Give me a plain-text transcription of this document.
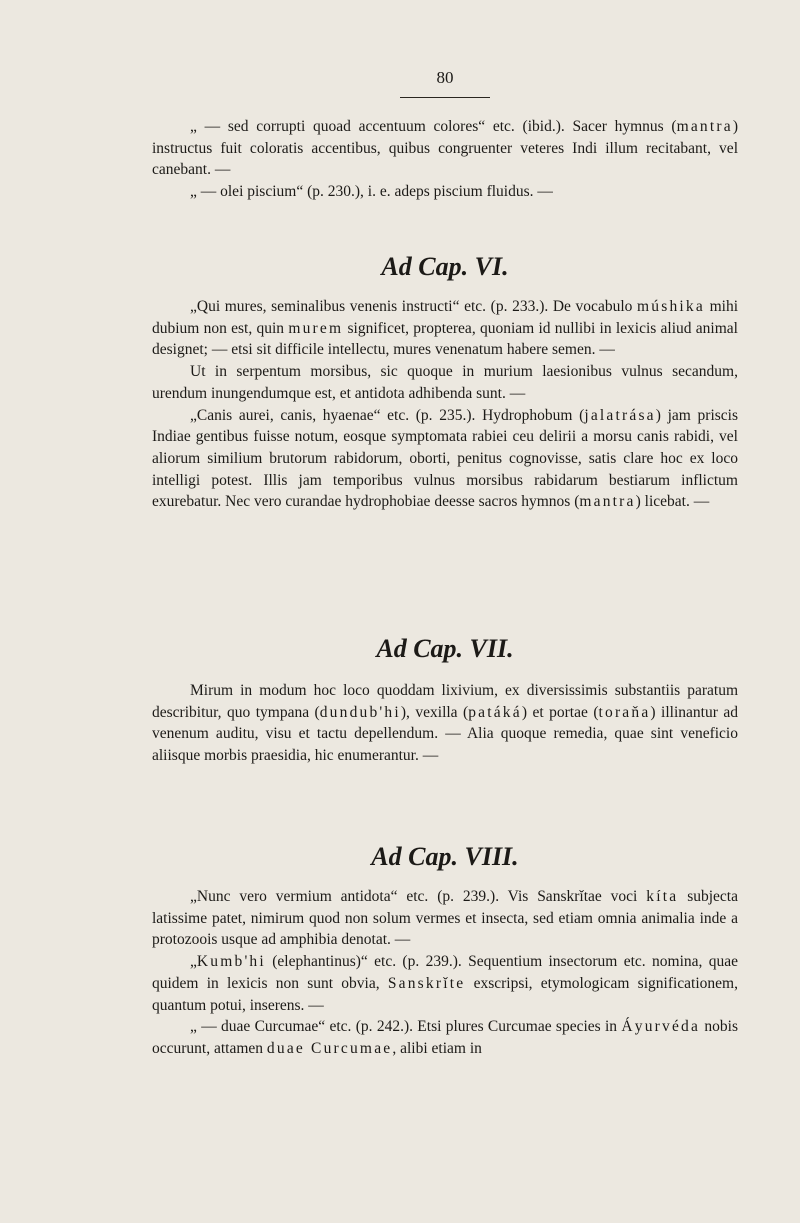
80

„ — sed corrupti quoad accentuum colores“ etc. (ibid.). Sacer hymnus (mantra) instructus fuit coloratis accentibus, quibus congruenter veteres Indi illum recitabant, vel canebant. —

„ — olei piscium“ (p. 230.), i. e. adeps piscium fluidus. —

Ad Cap. VI.

„Qui mures, seminalibus venenis instructi“ etc. (p. 233.). De vocabulo múshika mihi dubium non est, quin murem significet, propterea, quoniam id nullibi in lexicis aliud animal designet; — etsi sit difficile intellectu, mures venenatum habere semen. —

Ut in serpentum morsibus, sic quoque in murium laesionibus vulnus secandum, urendum inungendumque est, et antidota adhibenda sunt. —

„Canis aurei, canis, hyaenae“ etc. (p. 235.). Hydrophobum (jalatrása) jam priscis Indiae gentibus fuisse notum, eosque symptomata rabiei ceu delirii a morsu canis rabidi, vel aliorum similium brutorum rabidorum, oborti, penitus cognovisse, satis clare hoc ex loco intelligi potest. Illis jam temporibus vulnus morsibus rabidarum bestiarum inflictum exurebatur. Nec vero curandae hydrophobiae deesse sacros hymnos (mantra) licebat. —

Ad Cap. VII.

Mirum in modum hoc loco quoddam lixivium, ex diversissimis substantiis paratum describitur, quo tympana (dundub'hi), vexilla (patáká) et portae (toraňa) illinantur ad venenum auditu, visu et tactu depellendum. — Alia quoque remedia, quae sint veneficio aliisque morbis praesidia, hic enumerantur. —

Ad Cap. VIII.

„Nunc vero vermium antidota“ etc. (p. 239.). Vis Sanskrǐtae voci kíta subjecta latissime patet, nimirum quod non solum vermes et insecta, sed etiam omnia animalia inde a protozoois usque ad amphibia denotat. —

„Kumb'hi (elephantinus)“ etc. (p. 239.). Sequentium insectorum etc. nomina, quae quidem in lexicis non sunt obvia, Sanskrǐte exscripsi, etymologicam significationem, quantum potui, inserens. —

„ — duae Curcumae“ etc. (p. 242.). Etsi plures Curcumae species in Áyurvéda nobis occurunt, attamen duae Curcumae, alibi etiam in
